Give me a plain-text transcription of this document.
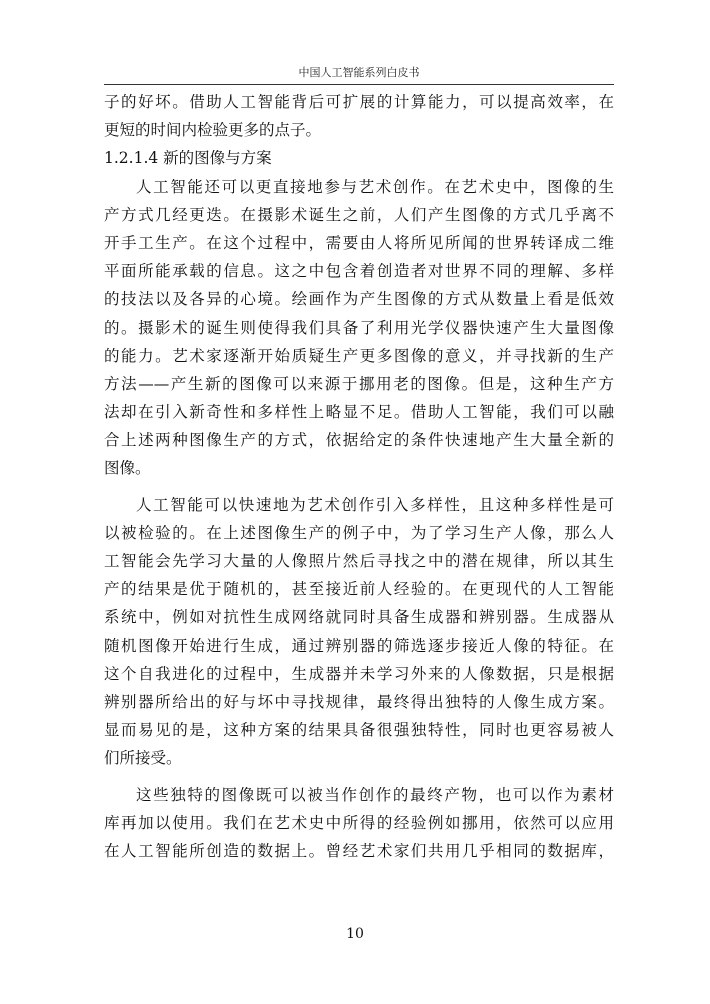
中国人工智能系列白皮书
子的好坏。借助人工智能背后可扩展的计算能力，可以提高效率，在
更短的时间内检验更多的点子。
1.2.1.4 新的图像与方案
人工智能还可以更直接地参与艺术创作。在艺术史中，图像的生
产方式几经更迭。在摄影术诞生之前，人们产生图像的方式几乎离不
开手工生产。在这个过程中，需要由人将所见所闻的世界转译成二维
平面所能承载的信息。这之中包含着创造者对世界不同的理解、多样
的技法以及各异的心境。绘画作为产生图像的方式从数量上看是低效
的。摄影术的诞生则使得我们具备了利用光学仪器快速产生大量图像
的能力。艺术家逐渐开始质疑生产更多图像的意义，并寻找新的生产
方法——产生新的图像可以来源于挪用老的图像。但是，这种生产方
法却在引入新奇性和多样性上略显不足。借助人工智能，我们可以融
合上述两种图像生产的方式，依据给定的条件快速地产生大量全新的
图像。
人工智能可以快速地为艺术创作引入多样性，且这种多样性是可
以被检验的。在上述图像生产的例子中，为了学习生产人像，那么人
工智能会先学习大量的人像照片然后寻找之中的潜在规律，所以其生
产的结果是优于随机的，甚至接近前人经验的。在更现代的人工智能
系统中，例如对抗性生成网络就同时具备生成器和辨别器。生成器从
随机图像开始进行生成，通过辨别器的筛选逐步接近人像的特征。在
这个自我进化的过程中，生成器并未学习外来的人像数据，只是根据
辨别器所给出的好与坏中寻找规律，最终得出独特的人像生成方案。
显而易见的是，这种方案的结果具备很强独特性，同时也更容易被人
们所接受。
这些独特的图像既可以被当作创作的最终产物，也可以作为素材
库再加以使用。我们在艺术史中所得的经验例如挪用，依然可以应用
在人工智能所创造的数据上。曾经艺术家们共用几乎相同的数据库，
10
